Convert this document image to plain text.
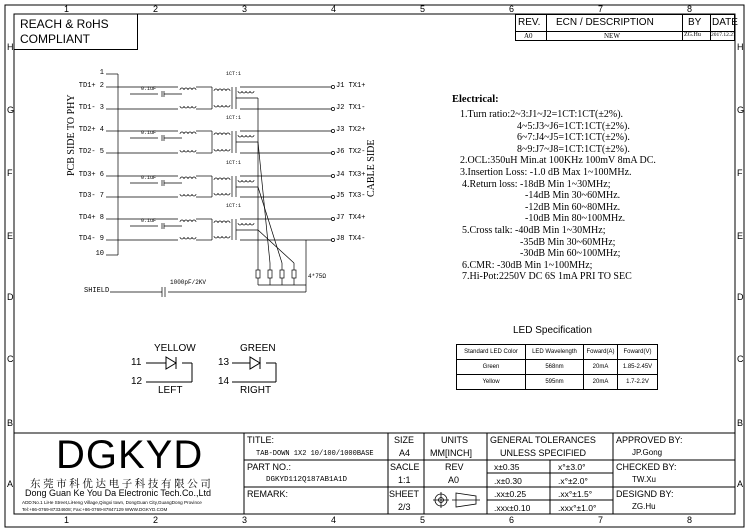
1
1
2
2
3
3
4
4
5
5
6
6
7
7
8
8
H	H
G	G
F	F
E	E
D	D
C	C
B	B
A	A
REACH & RoHS
COMPLIANT
REV. ECN / DESCRIPTION	BY DATE
A0	NEW	ZG.Hu 2017.12.27
1
TD1+ 2
TD1- 3
TD2+ 4
TD2- 5
TD3+ 6
TD3- 7
TD4+ 8
TD4- 9
10
J1 TX1+
J2 TX1-
J3 TX2+
J6 TX2-
J4 TX3+
J5 TX3-
J7 TX4+
J8 TX4-
0.1uF
0.1uF
0.1uF
0.1uF
1CT:1
1CT:1
1CT:1
1CT:1
PCB SIDE TO PHY	CABLE SIDE
SHIELD
1000pF/2KV
4*75Ω
YELLOW
11
12
LEFT
GREEN
13
14
RIGHT
Electrical:
1.Turn ratio:2~3:J1~J2=1CT:1CT(±2%).
4~5:J3~J6=1CT:1CT(±2%).
6~7:J4~J5=1CT:1CT(±2%).
8~9:J7~J8=1CT:1CT(±2%).
2.OCL:350uH Min.at 100KHz 100mV 8mA DC.
3.Insertion Loss: -1.0 dB Max 1~100MHz.
4.Return loss: -18dB Min 1~30MHz;
-14dB Min 30~60MHz.
-12dB Min 60~80MHz.
-10dB Min 80~100MHz.
5.Cross talk: -40dB Min 1~30MHz;
-35dB Min 30~60MHz;
-30dB Min 60~100MHz;
6.CMR: -30dB Min 1~100MHz;
7.Hi-Pot:2250V DC 6S 1mA PRI TO SEC
LED Specification
Standard LED Color	LED Wavelength	Foward(A)	Foward(V)
Green	568nm	20mA	1.85-2.45V
Yellow	595nm	20mA	1.7-2.2V
DGKYD
东莞市科优达电子科技有限公司
Dong Guan Ke You Da Electronic Tech.Co.,Ltd
ADD:No.1 LiHe Street,LiHeng Village,Qingxi town, DongGuan City,GuangDong Province
Tel:+86-0769-87334608; Fax:+86-0769-87847129 WWW.DGKYD.COM
TITLE:
TAB-DOWN 1X2 10/100/1000BASE
SIZE
A4
UNITS
MM[INCH]
PART NO.:
DGKYD112Q187AB1A1D
SACLE
1:1
REV
A0
REMARK:	SHEET
2/3
GENERAL TOLERANCES
UNLESS SPECIFIED
x±0.35	x°±3.0°
.x±0.30	.x°±2.0°
.xx±0.25	.xx°±1.5°
.xxx±0.10	.xxx°±1.0°
APPROVED BY:
JP.Gong
CHECKED BY:
TW.Xu
DESIGND BY:
ZG.Hu
